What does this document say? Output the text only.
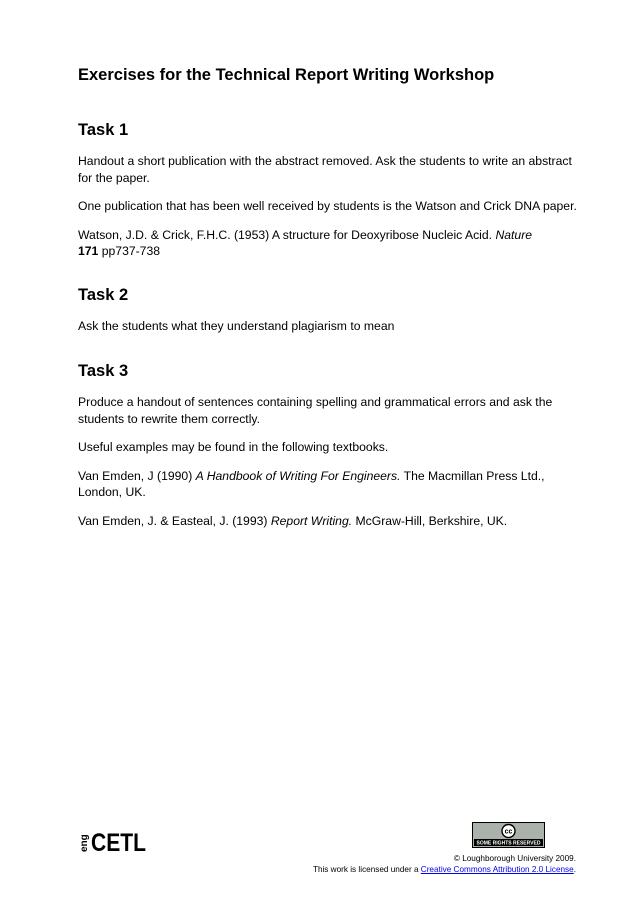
Exercises for the Technical Report Writing Workshop
Task 1

Handout a short publication with the abstract removed. Ask the students to write an abstract for the paper.

One publication that has been well received by students is the Watson and Crick DNA paper.

Watson, J.D. & Crick, F.H.C. (1953) A structure for Deoxyribose Nucleic Acid. Nature
171 pp737-738

Task 2

Ask the students what they understand plagiarism to mean

Task 3

Produce a handout of sentences containing spelling and grammatical errors and ask the students to rewrite them correctly.

Useful examples may be found in the following textbooks.

Van Emden, J (1990) A Handbook of Writing For Engineers. The Macmillan Press Ltd., London, UK.

Van Emden, J. & Easteal, J. (1993) Report Writing. McGraw-Hill, Berkshire, UK.

eng CETL	cc
SOME RIGHTS RESERVED
© Loughborough University 2009.
This work is licensed under a Creative Commons Attribution 2.0 License.
